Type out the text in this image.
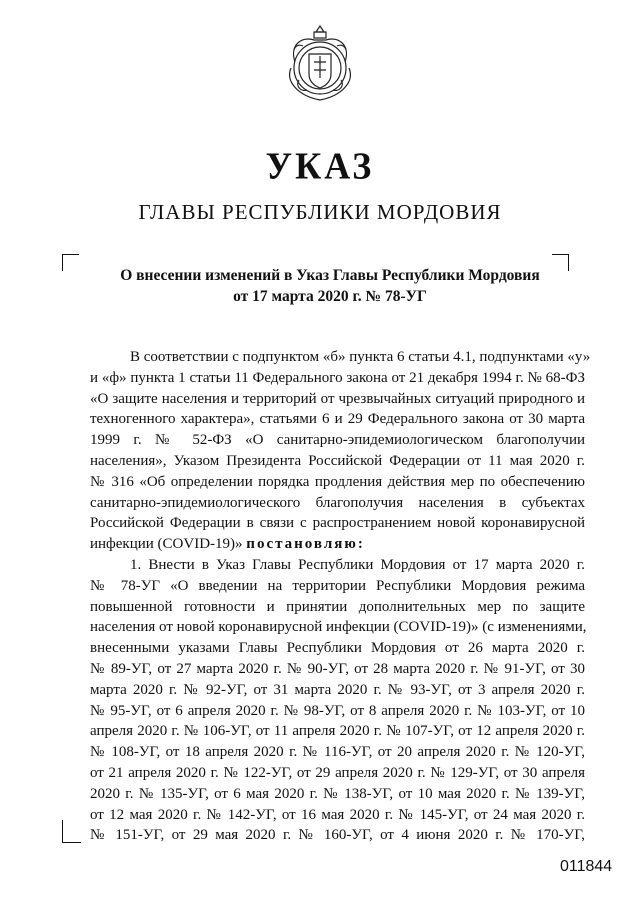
УКАЗ
ГЛАВЫ РЕСПУБЛИКИ МОРДОВИЯ
О внесении изменений в Указ Главы Республики Мордовия
от 17 марта 2020 г. № 78-УГ
В соответствии с подпунктом «б» пункта 6 статьи 4.1, подпунктами «у»
и «ф» пункта 1 статьи 11 Федерального закона от 21 декабря 1994 г. № 68-ФЗ
«О защите населения и территорий от чрезвычайных ситуаций природного и
техногенного характера», статьями 6 и 29 Федерального закона от 30 марта
1999 г. № 52-ФЗ «О санитарно-эпидемиологическом благополучии
населения», Указом Президента Российской Федерации от 11 мая 2020 г.
№ 316 «Об определении порядка продления действия мер по обеспечению
санитарно-эпидемиологического благополучия населения в субъектах
Российской Федерации в связи с распространением новой коронавирусной
инфекции (COVID-19)» постановляю:
1. Внести в Указ Главы Республики Мордовия от 17 марта 2020 г.
№ 78-УГ «О введении на территории Республики Мордовия режима
повышенной готовности и принятии дополнительных мер по защите
населения от новой коронавирусной инфекции (COVID-19)» (с изменениями,
внесенными указами Главы Республики Мордовия от 26 марта 2020 г.
№ 89-УГ, от 27 марта 2020 г. № 90-УГ, от 28 марта 2020 г. № 91-УГ, от 30
марта 2020 г. № 92-УГ, от 31 марта 2020 г. № 93-УГ, от 3 апреля 2020 г.
№ 95-УГ, от 6 апреля 2020 г. № 98-УГ, от 8 апреля 2020 г. № 103-УГ, от 10
апреля 2020 г. № 106-УГ, от 11 апреля 2020 г. № 107-УГ, от 12 апреля 2020 г.
№ 108-УГ, от 18 апреля 2020 г. № 116-УГ, от 20 апреля 2020 г. № 120-УГ,
от 21 апреля 2020 г. № 122-УГ, от 29 апреля 2020 г. № 129-УГ, от 30 апреля
2020 г. № 135-УГ, от 6 мая 2020 г. № 138-УГ, от 10 мая 2020 г. № 139-УГ,
от 12 мая 2020 г. № 142-УГ, от 16 мая 2020 г. № 145-УГ, от 24 мая 2020 г.
№ 151-УГ, от 29 мая 2020 г. № 160-УГ, от 4 июня 2020 г. № 170-УГ,
011844
